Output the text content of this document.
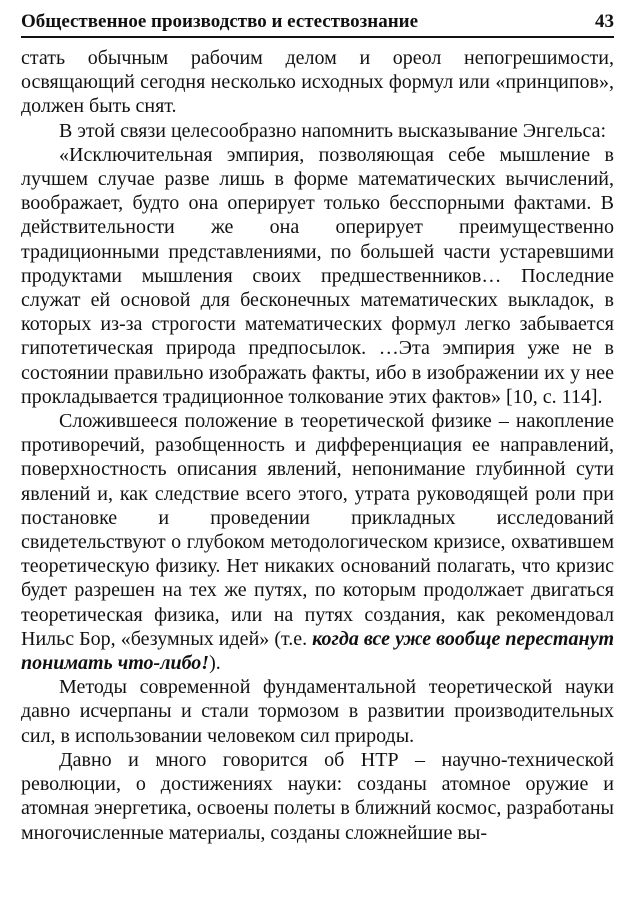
Общественное производство и естествознание	43

стать обычным рабочим делом и ореол непогрешимости, освящающий сегодня несколько исходных формул или «принципов», должен быть снят.

В этой связи целесообразно напомнить высказывание Энгельса:

«Исключительная эмпирия, позволяющая себе мышление в лучшем случае разве лишь в форме математических вычислений, воображает, будто она оперирует только бесспорными фактами. В действительности же она оперирует преимущественно традиционными представлениями, по большей части устаревшими продуктами мышления своих предшественников… Последние служат ей основой для бесконечных математических выкладок, в которых из-за строгости математических формул легко забывается гипотетическая природа предпосылок. …Эта эмпирия уже не в состоянии правильно изображать факты, ибо в изображении их у нее прокладывается традиционное толкование этих фактов» [10, с. 114].

Сложившееся положение в теоретической физике – накопление противоречий, разобщенность и дифференциация ее направлений, поверхностность описания явлений, непонимание глубинной сути явлений и, как следствие всего этого, утрата руководящей роли при постановке и проведении прикладных исследований свидетельствуют о глубоком методологическом кризисе, охватившем теоретическую физику. Нет никаких оснований полагать, что кризис будет разрешен на тех же путях, по которым продолжает двигаться теоретическая физика, или на путях создания, как рекомендовал Нильс Бор, «безумных идей» (т.е. когда все уже вообще перестанут понимать что-либо!).

Методы современной фундаментальной теоретической науки давно исчерпаны и стали тормозом в развитии производительных сил, в использовании человеком сил природы.

Давно и много говорится об НТР – научно-технической революции, о достижениях науки: созданы атомное оружие и атомная энергетика, освоены полеты в ближний космос, разработаны многочисленные материалы, созданы сложнейшие вы-
